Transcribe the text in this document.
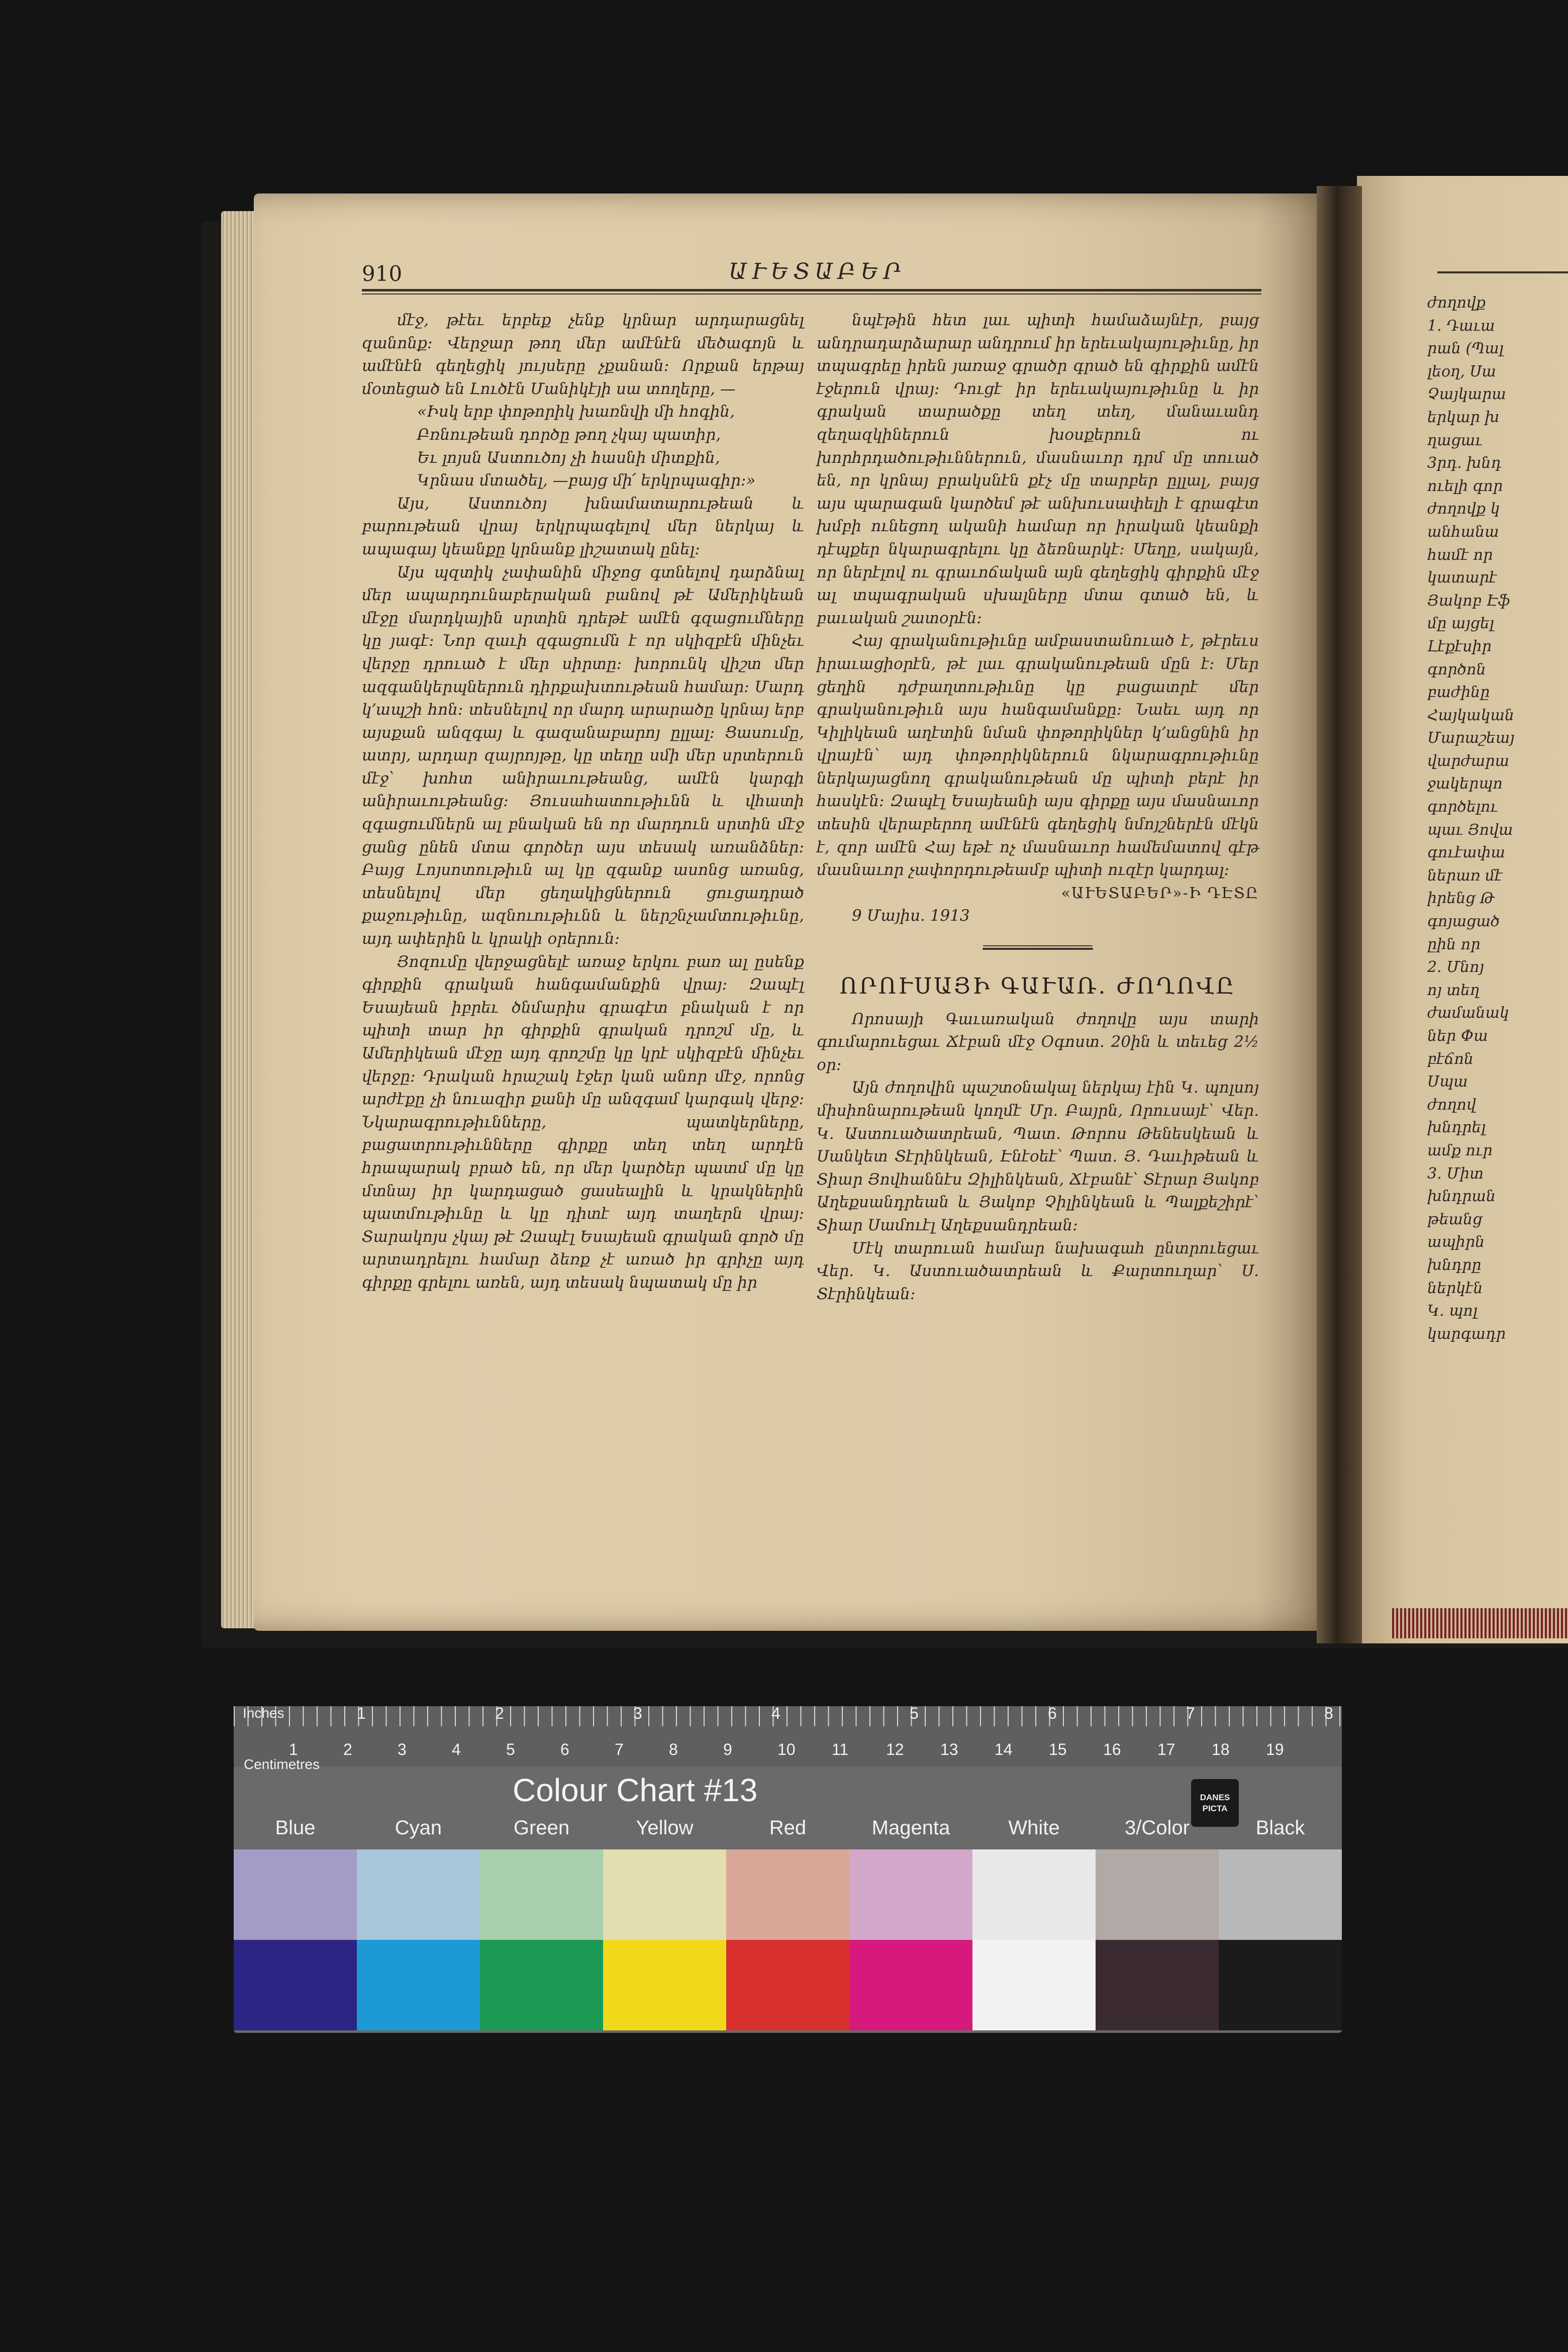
910	ԱՒԵՏԱԲԵՐ

մէջ, թէեւ երբեք չենք կրնար արդարացնել զանոնք։ Վերջար թող մեր ամէնէն մեծագոյն և ամէնէն գեղեցիկ յույսերը չքանան։ Որքան երթայ մօտեցած են Լուծէն Մանիկէյի սա տողերը, —

«Իսկ երբ փոթորիկ խառնվի մի հոգին,

Բռնութեան դործը թող չկայ պատիր,

Եւ լոյսն Աստուծոյ չի հասնի միտքին,

Կրնաս մտածել, —բայց մի՛ երկրպագիր։»

Այս, Աստուծոյ խնամատարութեան և բարութեան վրայ երկրպագելով մեր ներկայ և ապագայ կեանքը կրնանք լիշատակ ընել։

Այս պզտիկ չափանին միջոց գտնելով դարձնալ մեր ապարդունաբերական բանով թէ Ամերիկեան մէջը մարդկային սրտին դրեթէ ամէն գզացումները կը յագէ։ Նոր զաւի զգացումն է որ սկիզբէն մինչեւ վերջը դրուած է մեր սիրտը։ խորունկ վիշտ մեր ազգանկերպներուն դիրքախտութեան համար։ Մարդ կ՚ապշի հոն։ տեսնելով որ մարդ արարածը կրնայ երբ այսքան անզգայ և գազանաբարոյ ըլլալ։ Ցասումը, ատրյ, արդար զայրոյթը, կը տեղը սմի մեր սրտերուն մէջ՝ խոհտ անիրաւութեանց, ամէն կարգի անիրաւութեանց։ Յուսահատութիւնն և վհատի զգացումներն ալ բնական են որ մարդուն սրտին մէջ ցանց ընեն մտա գործեր այս տեսակ առանձներ։ Բայց Լոյսոտութիւն ալ կը զգանք ասոնց առանց, տեսնելով մեր ցեղակիցներուն ցուցադրած քաջութիւնը, ազնուութիւնն և ներշնչամտութիւնը, այդ ափերին և կրակի օրերուն։

Յոզումը վերջացնելէ առաջ երկու բառ ալ ըսենք գիրքին գրական հանգամանքին վրայ։ Զապէլ Եսայեան իբրեւ ծնմարիս գրագէտ բնական է որ պիտի տար իր գիրքին գրական դրոշմ մը, և Ամերիկեան մէջը այդ գրոշմը կը կրէ սկիզբէն մինչեւ վերջը։ Դրական հրաշակ էջեր կան անոր մէջ, որոնց արժէքը չի նուազիր քանի մը անզգամ կարգակ վերջ։ Նկարագրութիւնները, պատկերները, բացատրութիւնները գիրքը տեղ տեղ արդէն հրապարակ բրած են, որ մեր կարծեր պատմ մը կը մտնայ իր կարդացած ցասեալին և կրակներին պատմութիւնը և կը դիտէ այդ տաղերն վրայ։ Տարակոյս չկայ թէ Զապէլ Եսայեան գրական գործ մը արտադրելու համար ձեռք չէ առած իր գրիչը այդ գիրքը գրելու առեն, այդ տեսակ նպատակ մը իր

նպէթին հետ լաւ պիտի համաձայնէր, բայց անդրադարձարար անդրում իր երեւակայութիւնը, իր տպագրեը իրեն յառաջ գրածր գրած են գիրքին ամէն էջերուն վրայ։ Դուցէ իր երեւակայութիւնը և իր գրական տարածքը տեղ տեղ, մանաւանդ զեղազկիներուն խօսքերուն ու խորհրդածութիւններուն, մասնաւոր դրմ մը տուած են, որ կրնայ բրակսնէն քէչ մը տարբեր ըլլալ, բայց այս պարագան կարծեմ թէ անխուսափելի է գրագէտ խմբի ունեցող ականի համար որ իրական կեանքի դէպքեր նկարագրելու կը ձեռնարկէ։ Մեղը, սակայն, որ ներէլով ու գրաւոճական այն գեղեցիկ գիրքին մէջ ալ տպագրական սխալները մտա գտած են, և բաւական շատօրէն։

Հայ գրականութիւնը ամբաստանուած է, թէրեւս իրաւացիօրէն, թէ լաւ գրականութեան մըն է։ Մեր ցեղին դժբաղտութիւնը կը բացատրէ մեր գրականութիւն այս հանգամանքը։ Նաեւ այդ որ Կիլիկեան աղէտին նման փոթորիկներ կ՚անցնին իր վրայէն՝ այդ փոթորիկներուն նկարագրութիւնը ներկայացնող գրականութեան մը պիտի բերէ իր հասկէն։ Զապէլ Եսայեանի այս գիրքը այս մասնաւոր տեսին վերաբերող ամէնէն գեղեցիկ նմոյշներէն մէկն է, զոր ամէն Հայ եթէ ոչ մասնաւոր համեմատով գէթ մասնաւոր չափորդութեամբ պիտի ուզէր կարդալ։

«ԱՒԵՏԱԲԵՐ»-Ի ԴԷՏԸ

9 Մայիս. 1913

ՈՐՈՒՍԱՅԻ ԳԱՒԱՌ. ԺՈՂՈՎԸ

Որոսայի Գաւառական ժողովը այս տարի գումարուեցաւ Ճէբան մէջ Օգոստ. 20ին և տեւեց 2½ օր։

Այն ժողովին պաշտօնակալ ներկայ էին Կ. պոլսոյ միսիոնարութեան կողմէ Մր. Բայրն, Որուսայէ՝ Վեր. Կ. Աստուածատրեան, Պատ. Թորոս Թենեսկեան և Սանկետ Տէրինկեան, Էնէօեէ՝ Պատ. Յ. Դաւիթեան և Տիար Յովհաննէս Զիլինկեան, Ճէբանէ՝ Տէրար Յակոբ Աղեքսանդրեան և Յակոբ Չիլինկեան և Պալքեշիրէ՝ Տիար Սամուէլ Աղեքսանդրեան։

Մէկ տարուան համար նախագահ ընտրուեցաւ Վեր. Կ. Աստուածատրեան և Քարտուղար՝ Ս. Տէրինկեան։

ժողովք
1. Դաւա
րան (Պալ
լեօղ, Սա
Չայկարա
երկար խ
ղացաւ
3րդ. խնդ
ուելի գոր
ժողովք կ
անհանա
համէ որ
կատարէ
Յակոբ Էֆ
մը այցել
Լէքէսիր
գործոն
բաժինը
Հայկական
Մարաշեայ
վարժարա
ջակերպո
գործելու
պաւ Յովա
գուէափա
ներառ մէ
իրենց Թ
գոյացած
ըին որ
2. Մնոյ
ոյ տեղ
ժամանակ
ներ Փա
բէճոն
Սպա
ժողով
խնդրել
ամք ուր
3. Միտ
խնդրան
թեանց
ապիրն
խնդրը
ներկէն
Կ. պոլ
կարգադր
Inches
Centimetres
1	2	3	4	5	6	7	8
1	2	3	4	5	6	7	8	9	10 11 12 13 14 15 16 17 18 19
Colour Chart #13	DANES
PICTA
Blue	Cyan	Green	Yellow	Red	Magenta	White	3/Color	Black
